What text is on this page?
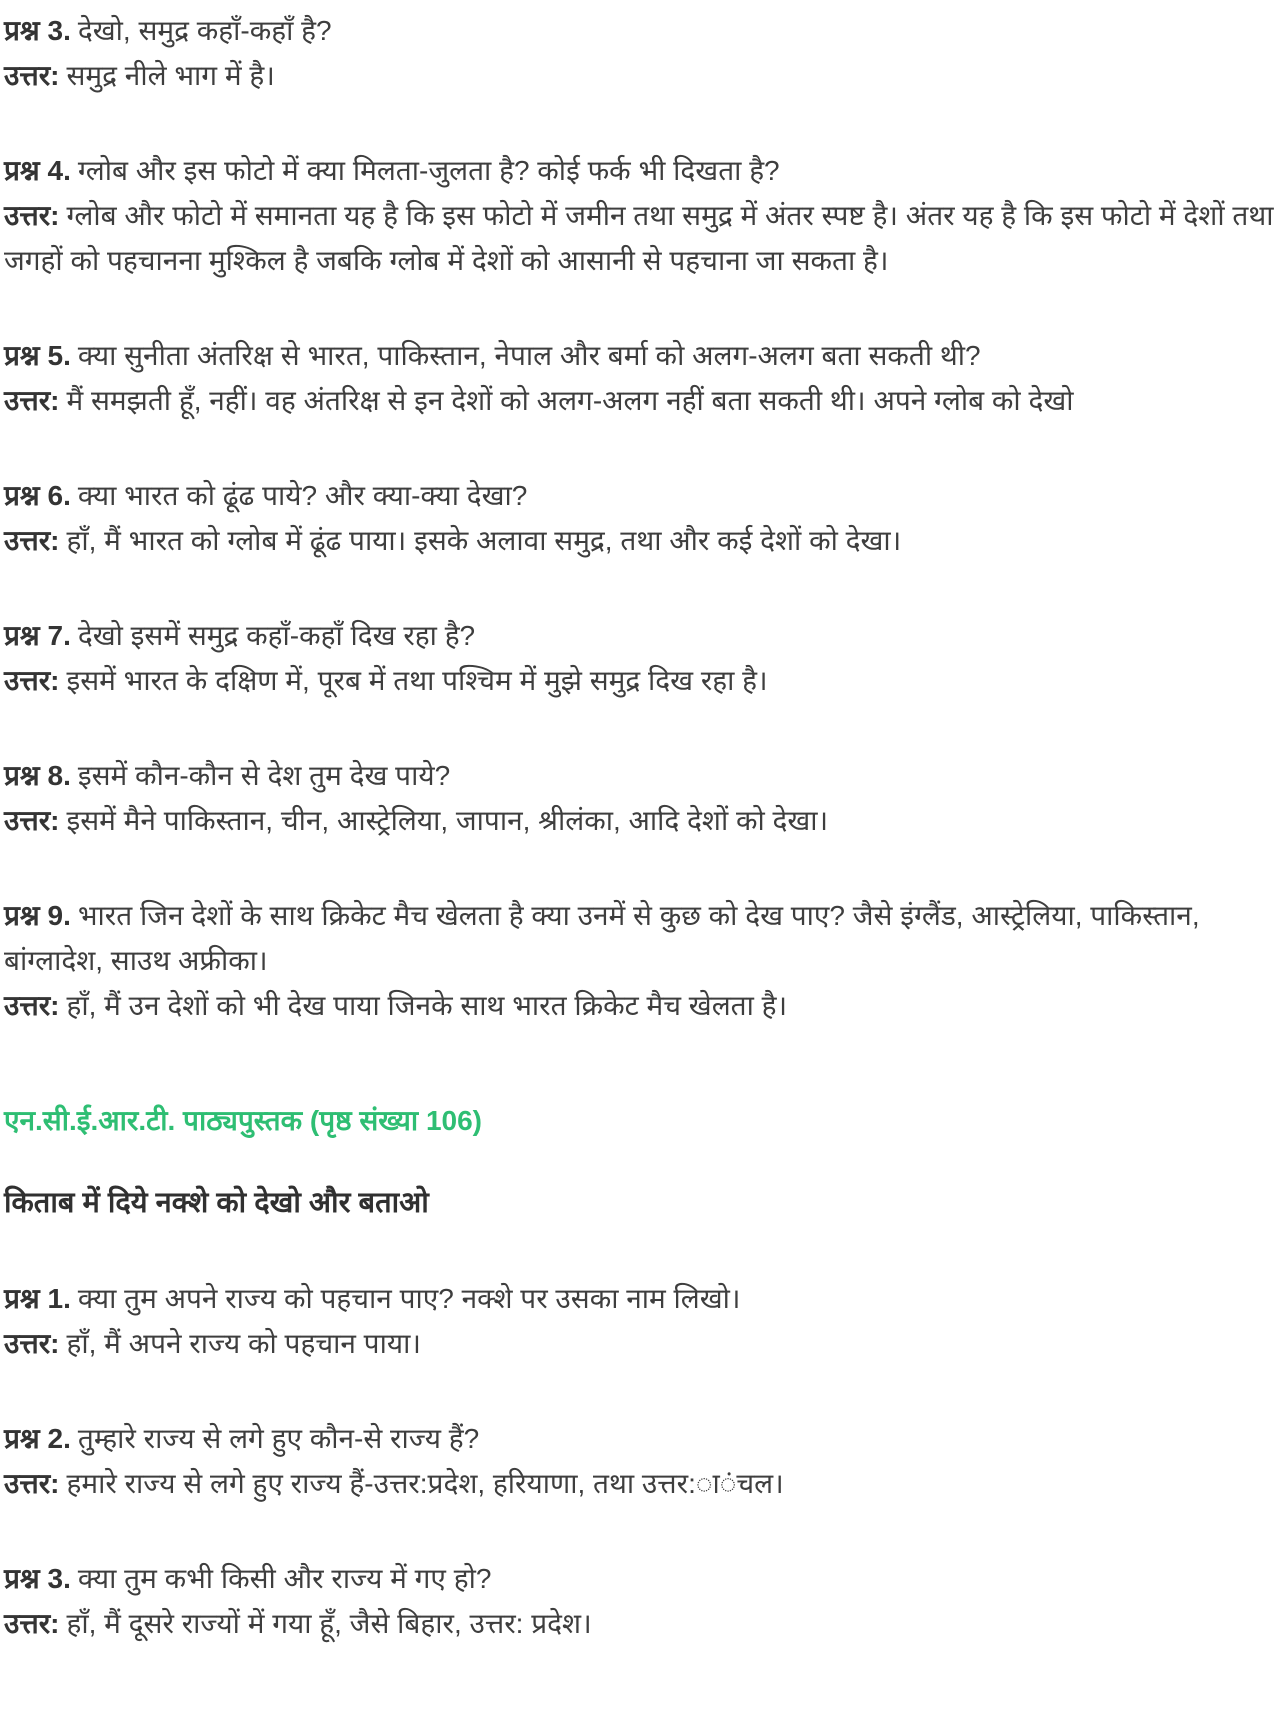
प्रश्न 3. देखो, समुद्र कहाँ-कहाँ है?
उत्तर: समुद्र नीले भाग में है।
प्रश्न 4. ग्लोब और इस फोटो में क्या मिलता-जुलता है? कोई फर्क भी दिखता है?
उत्तर: ग्लोब और फोटो में समानता यह है कि इस फोटो में जमीन तथा समुद्र में अंतर स्पष्ट है। अंतर यह है कि इस फोटो में देशों तथा जगहों को पहचानना मुश्किल है जबकि ग्लोब में देशों को आसानी से पहचाना जा सकता है।
प्रश्न 5. क्या सुनीता अंतरिक्ष से भारत, पाकिस्तान, नेपाल और बर्मा को अलग-अलग बता सकती थी?
उत्तर: मैं समझती हूँ, नहीं। वह अंतरिक्ष से इन देशों को अलग-अलग नहीं बता सकती थी। अपने ग्लोब को देखो
प्रश्न 6. क्या भारत को ढूंढ पाये? और क्या-क्या देखा?
उत्तर: हाँ, मैं भारत को ग्लोब में ढूंढ पाया। इसके अलावा समुद्र, तथा और कई देशों को देखा।
प्रश्न 7. देखो इसमें समुद्र कहाँ-कहाँ दिख रहा है?
उत्तर: इसमें भारत के दक्षिण में, पूरब में तथा पश्चिम में मुझे समुद्र दिख रहा है।
प्रश्न 8. इसमें कौन-कौन से देश तुम देख पाये?
उत्तर: इसमें मैने पाकिस्तान, चीन, आस्ट्रेलिया, जापान, श्रीलंका, आदि देशों को देखा।
प्रश्न 9. भारत जिन देशों के साथ क्रिकेट मैच खेलता है क्या उनमें से कुछ को देख पाए? जैसे इंग्लैंड, आस्ट्रेलिया, पाकिस्तान, बांग्लादेश, साउथ अफ्रीका।
उत्तर: हाँ, मैं उन देशों को भी देख पाया जिनके साथ भारत क्रिकेट मैच खेलता है।
एन.सी.ई.आर.टी. पाठ्यपुस्तक (पृष्ठ संख्या 106)
किताब में दिये नक्शे को देखो और बताओ
प्रश्न 1. क्या तुम अपने राज्य को पहचान पाए? नक्शे पर उसका नाम लिखो।
उत्तर: हाँ, मैं अपने राज्य को पहचान पाया।
प्रश्न 2. तुम्हारे राज्य से लगे हुए कौन-से राज्य हैं?
उत्तर: हमारे राज्य से लगे हुए राज्य हैं-उत्तर:प्रदेश, हरियाणा, तथा उत्तर:◌ा◌ंचल।
प्रश्न 3. क्या तुम कभी किसी और राज्य में गए हो?
उत्तर: हाँ, मैं दूसरे राज्यों में गया हूँ, जैसे बिहार, उत्तर: प्रदेश।
